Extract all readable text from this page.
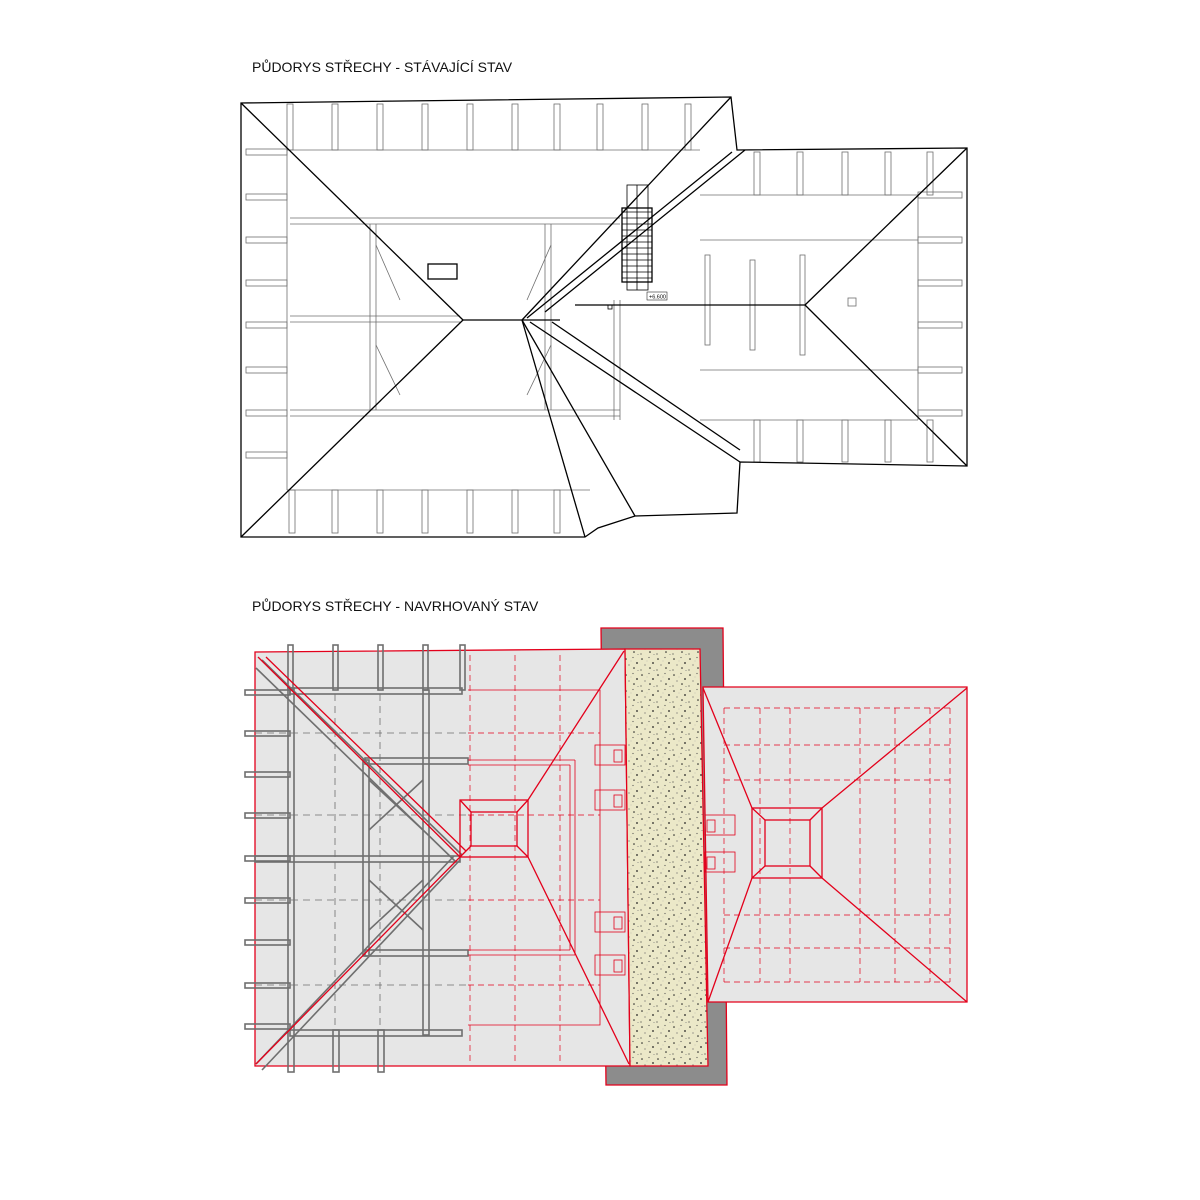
PŮDORYS STŘECHY - STÁVAJÍCÍ STAV
+6.600
PŮDORYS STŘECHY - NAVRHOVANÝ STAV
